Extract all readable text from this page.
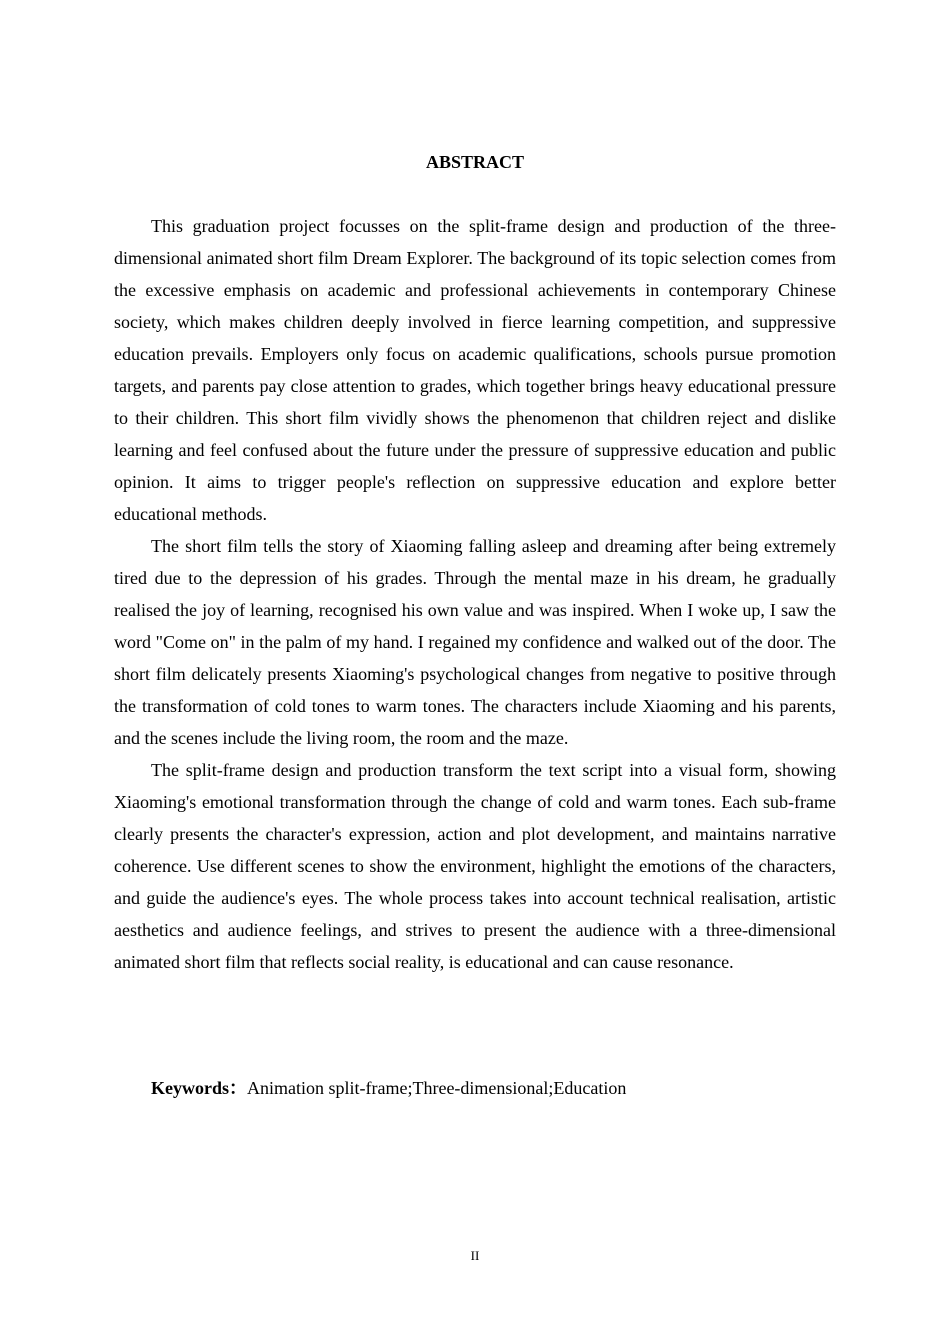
ABSTRACT

This graduation project focusses on the split-frame design and production of the three-dimensional animated short film Dream Explorer. The background of its topic selection comes from the excessive emphasis on academic and professional achievements in contemporary Chinese society, which makes children deeply involved in fierce learning competition, and suppressive education prevails. Employers only focus on academic qualifications, schools pursue promotion targets, and parents pay close attention to grades, which together brings heavy educational pressure to their children. This short film vividly shows the phenomenon that children reject and dislike learning and feel confused about the future under the pressure of suppressive education and public opinion. It aims to trigger people's reflection on suppressive education and explore better educational methods.

The short film tells the story of Xiaoming falling asleep and dreaming after being extremely tired due to the depression of his grades. Through the mental maze in his dream, he gradually realised the joy of learning, recognised his own value and was inspired. When I woke up, I saw the word "Come on" in the palm of my hand. I regained my confidence and walked out of the door. The short film delicately presents Xiaoming's psychological changes from negative to positive through the transformation of cold tones to warm tones. The characters include Xiaoming and his parents, and the scenes include the living room, the room and the maze.

The split-frame design and production transform the text script into a visual form, showing Xiaoming's emotional transformation through the change of cold and warm tones. Each sub-frame clearly presents the character's expression, action and plot development, and maintains narrative coherence. Use different scenes to show the environment, highlight the emotions of the characters, and guide the audience's eyes. The whole process takes into account technical realisation, artistic aesthetics and audience feelings, and strives to present the audience with a three-dimensional animated short film that reflects social reality, is educational and can cause resonance.

Keywords：Animation split-frame;Three-dimensional;Education

II
